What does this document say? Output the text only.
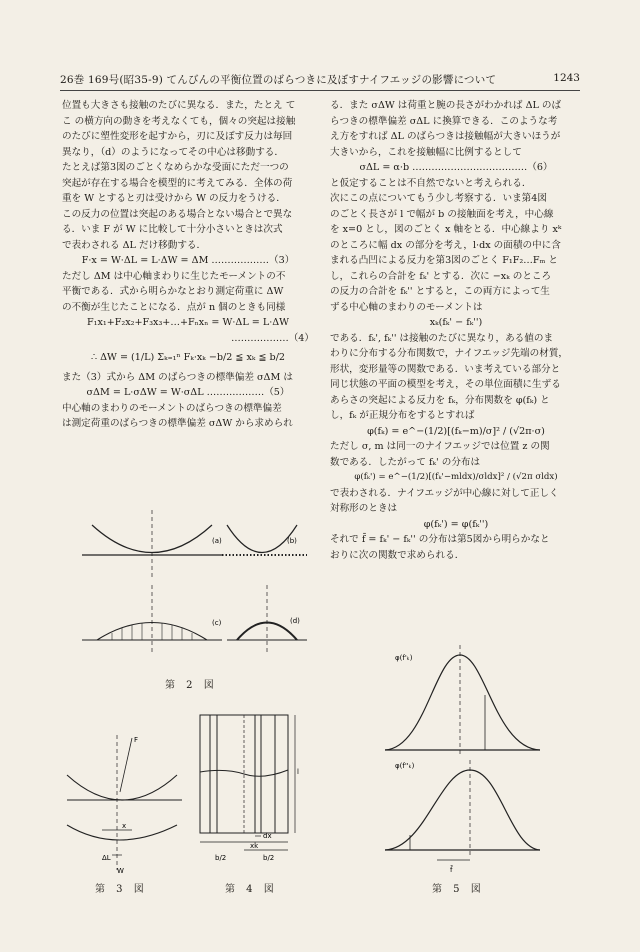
26巻 169号(昭35-9) てんびんの平衡位置のばらつきに及ぼすナイフエッジの影響について	1243

位置も大きさも接触のたびに異なる．また，たとえ て

こ の横方向の動きを考えなくても，個々の突起は接触

のたびに塑性変形を起すから，刃に及ぼす反力は毎回

異なり，（d）のようになってその中心は移動する．

たとえば第3図のごとくなめらかな受面にただ一つの

突起が存在する場合を模型的に考えてみる．全体の荷

重を W とすると刃は受けから W の反力をうける．

この反力の位置は突起のある場合とない場合とで異な

る．いま F が W に比較して十分小さいときは次式

で表わされる ΔL だけ移動する．

F·x = W·ΔL = L·ΔW = ΔM ………………（3）

ただし ΔM は中心軸まわりに生じたモーメントの不

平衡である．式から明らかなとおり測定荷重に ΔW

の不衡が生じたことになる．点が n 個のときも同様

F₁x₁+F₂x₂+F₃x₃+…+Fₙxₙ = W·ΔL = L·ΔW

………………（4）

∴ ΔW = (1/L) Σₖ₌₁ⁿ Fₖ·xₖ −b/2 ≦ xₖ ≦ b/2

また（3）式から ΔM のばらつきの標準偏差 σΔM は

σΔM = L·σΔW = W·σΔL ………………（5）

中心軸のまわりのモーメントのばらつきの標準偏差

は測定荷重のばらつきの標準偏差 σΔW から求められ

る．また σΔW は荷重と腕の長さがわかれば ΔL のば

らつきの標準偏差 σΔL に換算できる．このような考

え方をすれば ΔL のばらつきは接触幅が大きいほうが

大きいから，これを接触幅に比例するとして

σΔL = α·b ………………………………（6）

と仮定することは不自然でないと考えられる．

次にこの点についてもう少し考察する．いま第4図

のごとく長さが l で幅が b の接触面を考え，中心線

を x=0 とし，図のごとく x 軸をとる．中心線より xᵏ

のところに幅 dx の部分を考え，l·dx の面積の中に含

まれる凸凹による反力を第3図のごとく F₁F₂…Fₘ と

し，これらの合計を fₖ' とする．次に −xₖ のところ

の反力の合計を fₖ'' とすると，この両方によって生

ずる中心軸のまわりのモーメントは

xₖ(fₖ' − fₖ'')

である．fₖ', fₖ'' は接触のたびに異なり，ある値のま

わりに分布する分布関数で，ナイフエッジ先端の材質，

形状，変形量等の関数である．いま考えている部分と

同じ状態の平面の模型を考え，その単位面積に生ずる

あらさの突起による反力を fₖ，分布関数を φ(fₖ) と

し，fₖ が正規分布をするとすれば

φ(fₖ) = e^−(1/2)[(fₖ−m)/σ]² / (√2π·σ)

ただし σ, m は同一のナイフエッジでは位置 z の関

数である．したがって fₖ' の分布は

φ(fₖ') = e^−(1/2)[(fₖ'−mldx)/σldx]² / (√2π σldx)

で表わされる．ナイフエッジが中心線に対して正しく

対称形のときは

φ(fₖ') = φ(fₖ'')

それで f̄ = fₖ' − fₖ'' の分布は第5図から明らかなと

おりに次の関数で求められる．

(a)	(b)
(c)	(d)
第 2 図
F
x
ΔL
W
第 3 図
dx
xk
b/2	b/2
l
第 4 図
φ(f'ₖ)
φ(f''ₖ)
f̄
第 5 図
